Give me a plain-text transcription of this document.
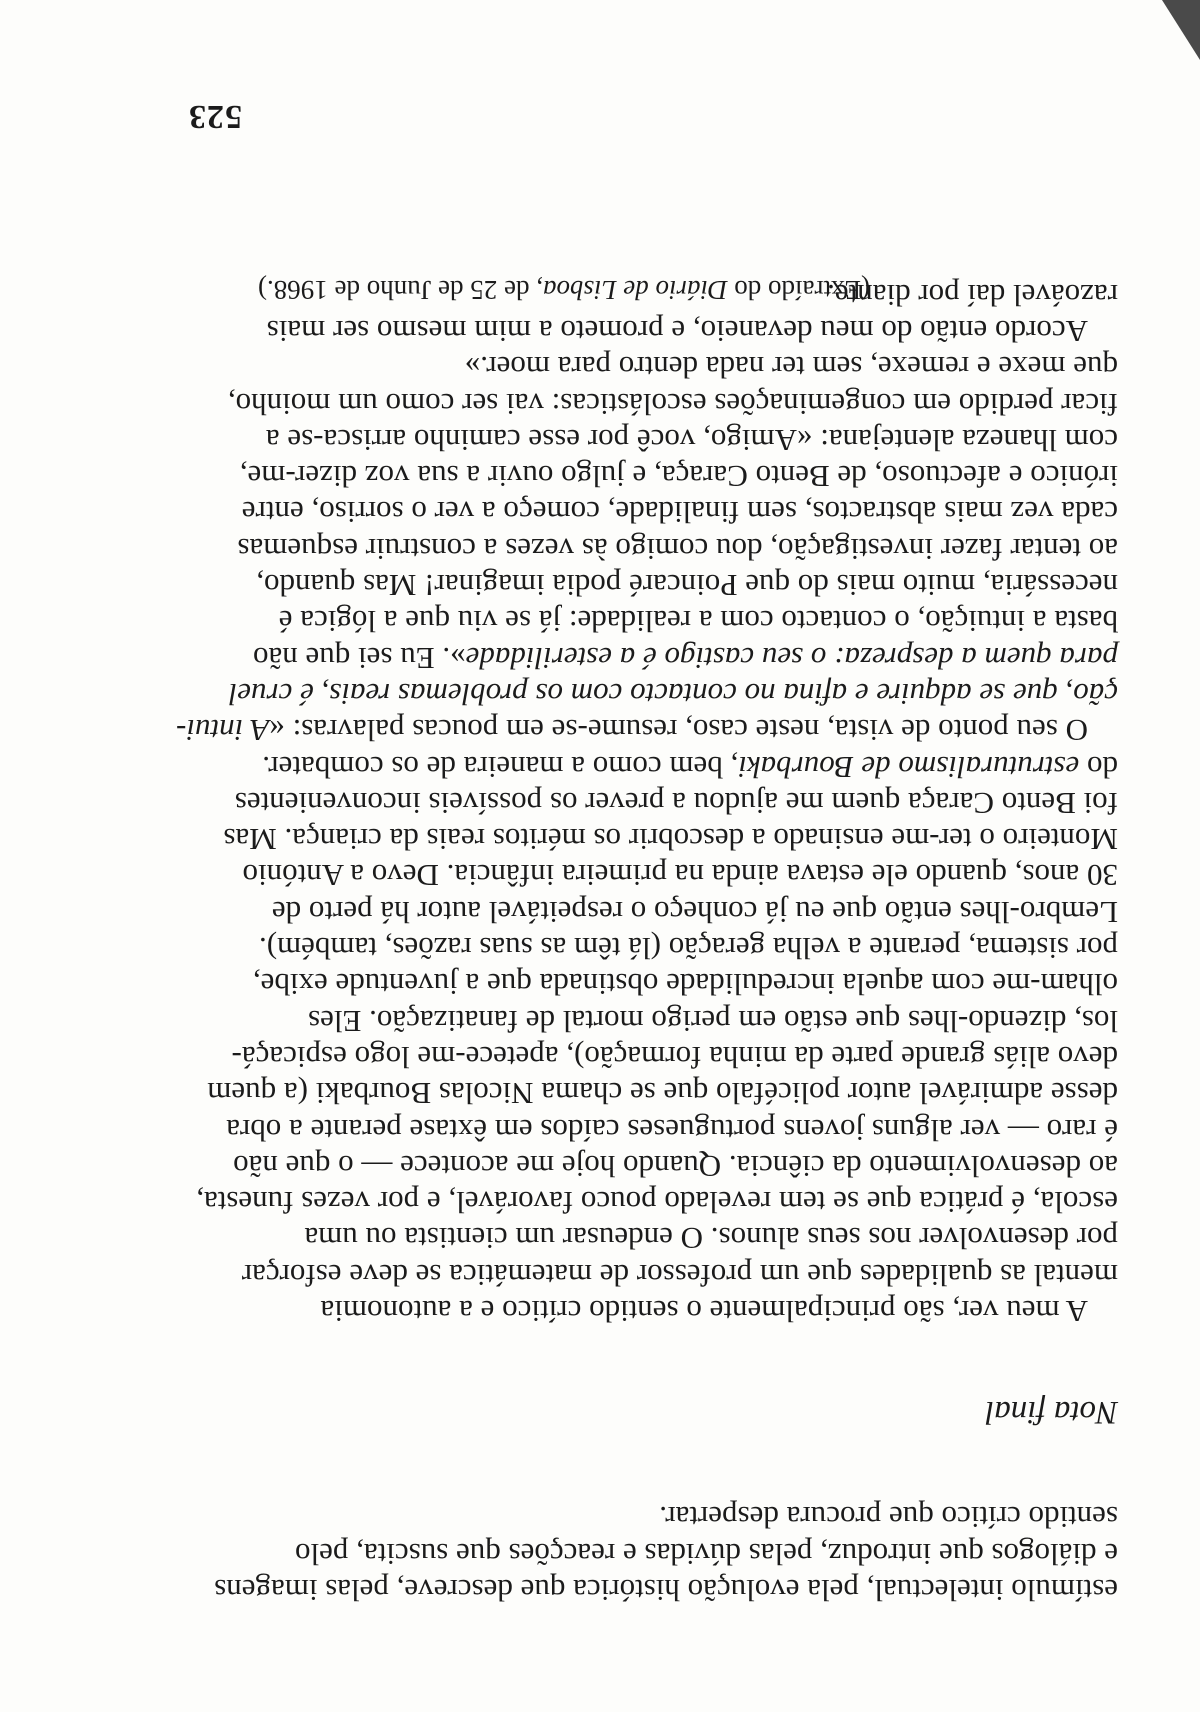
estímulo intelectual, pela evolução histórica que descreve, pelas imagens
e diálogos que introduz, pelas dúvidas e reacções que suscita, pelo
sentido crítico que procura despertar.
Nota final
A meu ver, são principalmente o sentido crítico e a autonomia
mental as qualidades que um professor de matemática se deve esforçar
por desenvolver nos seus alunos. O endeusar um cientista ou uma
escola, é prática que se tem revelado pouco favorável, e por vezes funesta,
ao desenvolvimento da ciência. Quando hoje me acontece — o que não
é raro — ver alguns jovens portugueses caídos em êxtase perante a obra
desse admirável autor policéfalo que se chama Nicolas Bourbaki (a quem
devo aliás grande parte da minha formação), apetece-me logo espicaçá-
los, dizendo-lhes que estão em perigo mortal de fanatização. Eles
olham-me com aquela incredulidade obstinada que a juventude exibe,
por sistema, perante a velha geração (lá têm as suas razões, também).
Lembro-lhes então que eu já conheço o respeitável autor há perto de
30 anos, quando ele estava ainda na primeira infância. Devo a António
Monteiro o ter-me ensinado a descobrir os méritos reais da criança. Mas
foi Bento Caraça quem me ajudou a prever os possíveis inconvenientes
do estruturalismo de Bourbaki, bem como a maneira de os combater.
O seu ponto de vista, neste caso, resume-se em poucas palavras: «A intui-
ção, que se adquire e afina no contacto com os problemas reais, é cruel
para quem a despreza: o seu castigo é a esterilidade». Eu sei que não
basta a intuição, o contacto com a realidade: já se viu que a lógica é
necessária, muito mais do que Poincaré podia imaginar! Mas quando,
ao tentar fazer investigação, dou comigo às vezes a construir esquemas
cada vez mais abstractos, sem finalidade, começo a ver o sorriso, entre
irónico e afectuoso, de Bento Caraça, e julgo ouvir a sua voz dizer-me,
com lhaneza alentejana: «Amigo, você por esse caminho arrisca-se a
ficar perdido em congeminações escolásticas: vai ser como um moinho,
que mexe e remexe, sem ter nada dentro para moer.»
Acordo então do meu devaneio, e prometo a mim mesmo ser mais
razoável daí por diante.
(Extraído do Diário de Lisboa, de 25 de Junho de 1968.)
523
